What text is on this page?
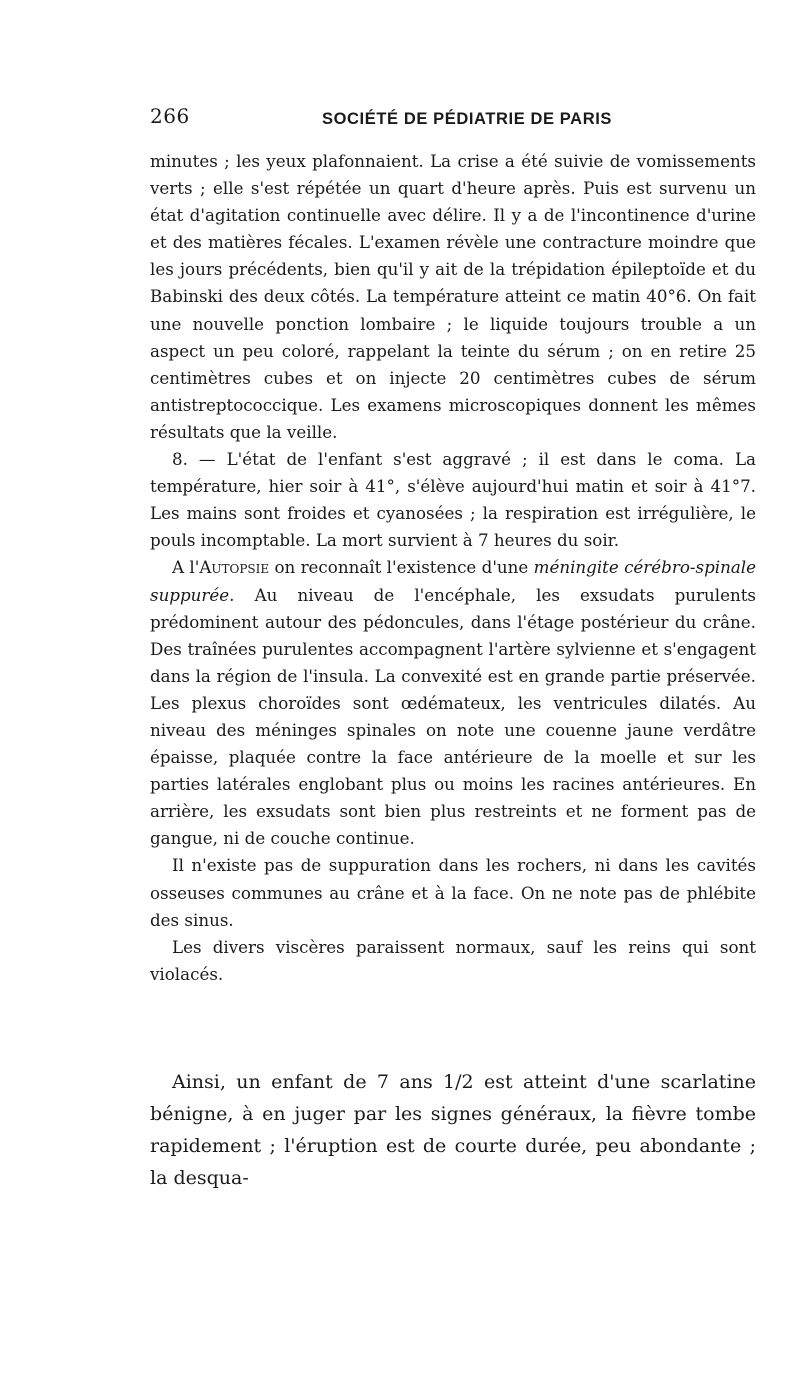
266	SOCIÉTÉ DE PÉDIATRIE DE PARIS

minutes ; les yeux plafonnaient. La crise a été suivie de vomissements verts ; elle s'est répétée un quart d'heure après. Puis est survenu un état d'agitation continuelle avec délire. Il y a de l'incontinence d'urine et des matières fécales. L'examen révèle une contracture moindre que les jours précédents, bien qu'il y ait de la trépidation épileptoïde et du Babinski des deux côtés. La température atteint ce matin 40°6. On fait une nouvelle ponction lombaire ; le liquide toujours trouble a un aspect un peu coloré, rappelant la teinte du sérum ; on en retire 25 centimètres cubes et on injecte 20 centimètres cubes de sérum antistreptococcique. Les examens microscopiques donnent les mêmes résultats que la veille.

8. — L'état de l'enfant s'est aggravé ; il est dans le coma. La température, hier soir à 41°, s'élève aujourd'hui matin et soir à 41°7. Les mains sont froides et cyanosées ; la respiration est irrégulière, le pouls incomptable. La mort survient à 7 heures du soir.

A l'Autopsie on reconnaît l'existence d'une méningite cérébro-spinale suppurée. Au niveau de l'encéphale, les exsudats purulents prédominent autour des pédoncules, dans l'étage postérieur du crâne. Des traînées purulentes accompagnent l'artère sylvienne et s'engagent dans la région de l'insula. La convexité est en grande partie préservée. Les plexus choroïdes sont œdémateux, les ventricules dilatés. Au niveau des méninges spinales on note une couenne jaune verdâtre épaisse, plaquée contre la face antérieure de la moelle et sur les parties latérales englobant plus ou moins les racines antérieures. En arrière, les exsudats sont bien plus restreints et ne forment pas de gangue, ni de couche continue.

Il n'existe pas de suppuration dans les rochers, ni dans les cavités osseuses communes au crâne et à la face. On ne note pas de phlébite des sinus.

Les divers viscères paraissent normaux, sauf les reins qui sont violacés.

Ainsi, un enfant de 7 ans 1/2 est atteint d'une scarlatine bénigne, à en juger par les signes généraux, la fièvre tombe rapidement ; l'éruption est de courte durée, peu abondante ; la desqua-
